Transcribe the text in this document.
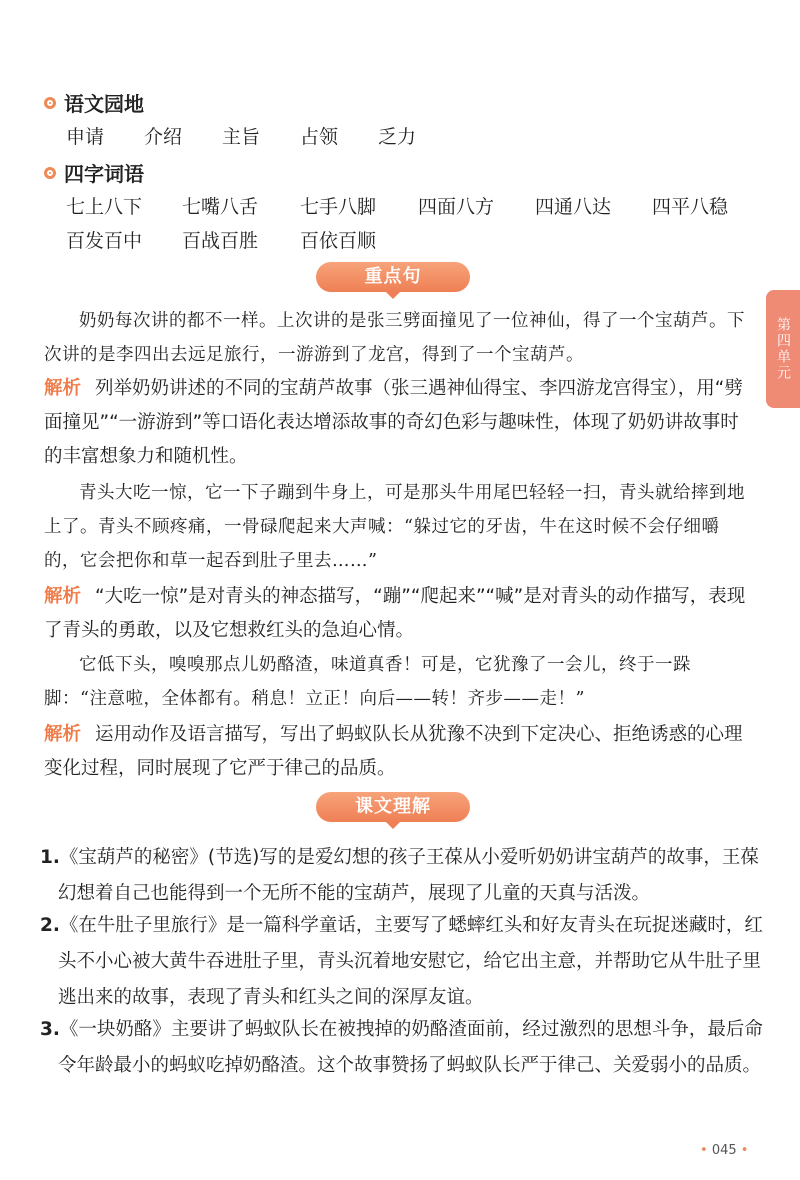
语文园地
申请 介绍 主旨 占领 乏力
四字词语
七上八下 七嘴八舌 七手八脚 四面八方 四通八达 四平八稳
百发百中 百战百胜 百依百顺
重点句
奶奶每次讲的都不一样。上次讲的是张三劈面撞见了一位神仙，得了一个宝葫芦。下次讲的是李四出去远足旅行，一游游到了龙宫，得到了一个宝葫芦。
解析 列举奶奶讲述的不同的宝葫芦故事（张三遇神仙得宝、李四游龙宫得宝），用“劈面撞见”“一游游到”等口语化表达增添故事的奇幻色彩与趣味性，体现了奶奶讲故事时的丰富想象力和随机性。
青头大吃一惊，它一下子蹦到牛身上，可是那头牛用尾巴轻轻一扫，青头就给摔到地上了。青头不顾疼痛，一骨碌爬起来大声喊：“躲过它的牙齿，牛在这时候不会仔细嚼的，它会把你和草一起吞到肚子里去……”
解析 “大吃一惊”是对青头的神态描写，“蹦”“爬起来”“喊”是对青头的动作描写，表现了青头的勇敢，以及它想救红头的急迫心情。
它低下头，嗅嗅那点儿奶酪渣，味道真香！可是，它犹豫了一会儿，终于一跺脚：“注意啦，全体都有。稍息！立正！向后——转！齐步——走！”
解析 运用动作及语言描写，写出了蚂蚁队长从犹豫不决到下定决心、拒绝诱惑的心理变化过程，同时展现了它严于律己的品质。
课文理解
1.《宝葫芦的秘密》(节选)写的是爱幻想的孩子王葆从小爱听奶奶讲宝葫芦的故事，王葆幻想着自己也能得到一个无所不能的宝葫芦，展现了儿童的天真与活泼。
2.《在牛肚子里旅行》是一篇科学童话，主要写了蟋蟀红头和好友青头在玩捉迷藏时，红头不小心被大黄牛吞进肚子里，青头沉着地安慰它，给它出主意，并帮助它从牛肚子里逃出来的故事，表现了青头和红头之间的深厚友谊。
3.《一块奶酪》主要讲了蚂蚁队长在被拽掉的奶酪渣面前，经过激烈的思想斗争，最后命令年龄最小的蚂蚁吃掉奶酪渣。这个故事赞扬了蚂蚁队长严于律己、关爱弱小的品质。
第四单元
• 045 •
